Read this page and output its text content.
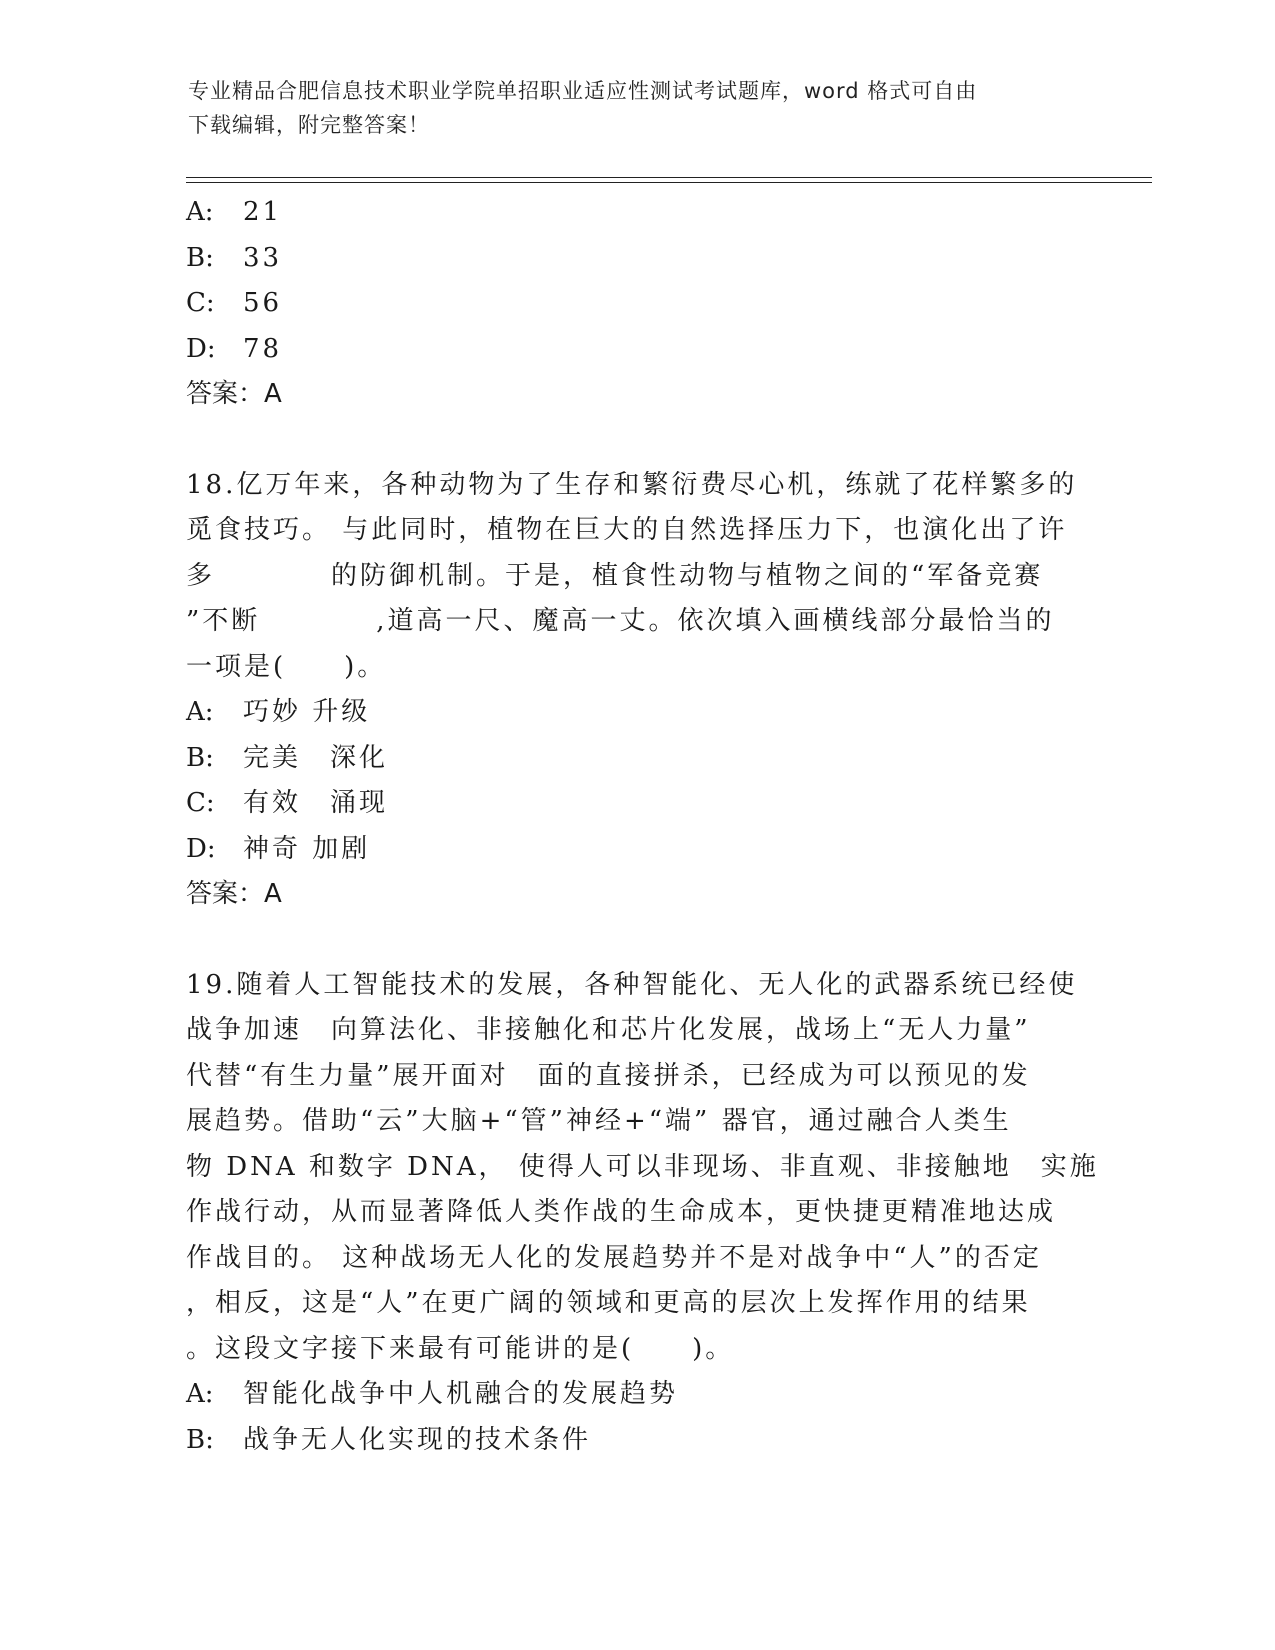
专业精品合肥信息技术职业学院单招职业适应性测试考试题库，word 格式可自由
下载编辑，附完整答案！
A: 21
B: 33
C: 56
D: 78
答案：A
18.亿万年来，各种动物为了生存和繁衍费尽心机，练就了花样繁多的
觅食技巧。 与此同时，植物在巨大的自然选择压力下，也演化出了许
多　　　　的防御机制。于是，植食性动物与植物之间的“军备竞赛
”不断　　　　,道高一尺、魔高一丈。依次填入画横线部分最恰当的
一项是(　　)。
A: 巧妙 升级
B: 完美　深化
C: 有效　涌现
D: 神奇 加剧
答案：A
19.随着人工智能技术的发展，各种智能化、无人化的武器系统已经使
战争加速　向算法化、非接触化和芯片化发展，战场上“无人力量”
代替“有生力量”展开面对　面的直接拼杀，已经成为可以预见的发
展趋势。借助“云”大脑+“管”神经+“端” 器官，通过融合人类生
物 DNA 和数字 DNA， 使得人可以非现场、非直观、非接触地　实施
作战行动，从而显著降低人类作战的生命成本，更快捷更精准地达成
作战目的。 这种战场无人化的发展趋势并不是对战争中“人”的否定
，相反，这是“人”在更广阔的领域和更高的层次上发挥作用的结果
。这段文字接下来最有可能讲的是(　　)。
A: 智能化战争中人机融合的发展趋势
B: 战争无人化实现的技术条件
